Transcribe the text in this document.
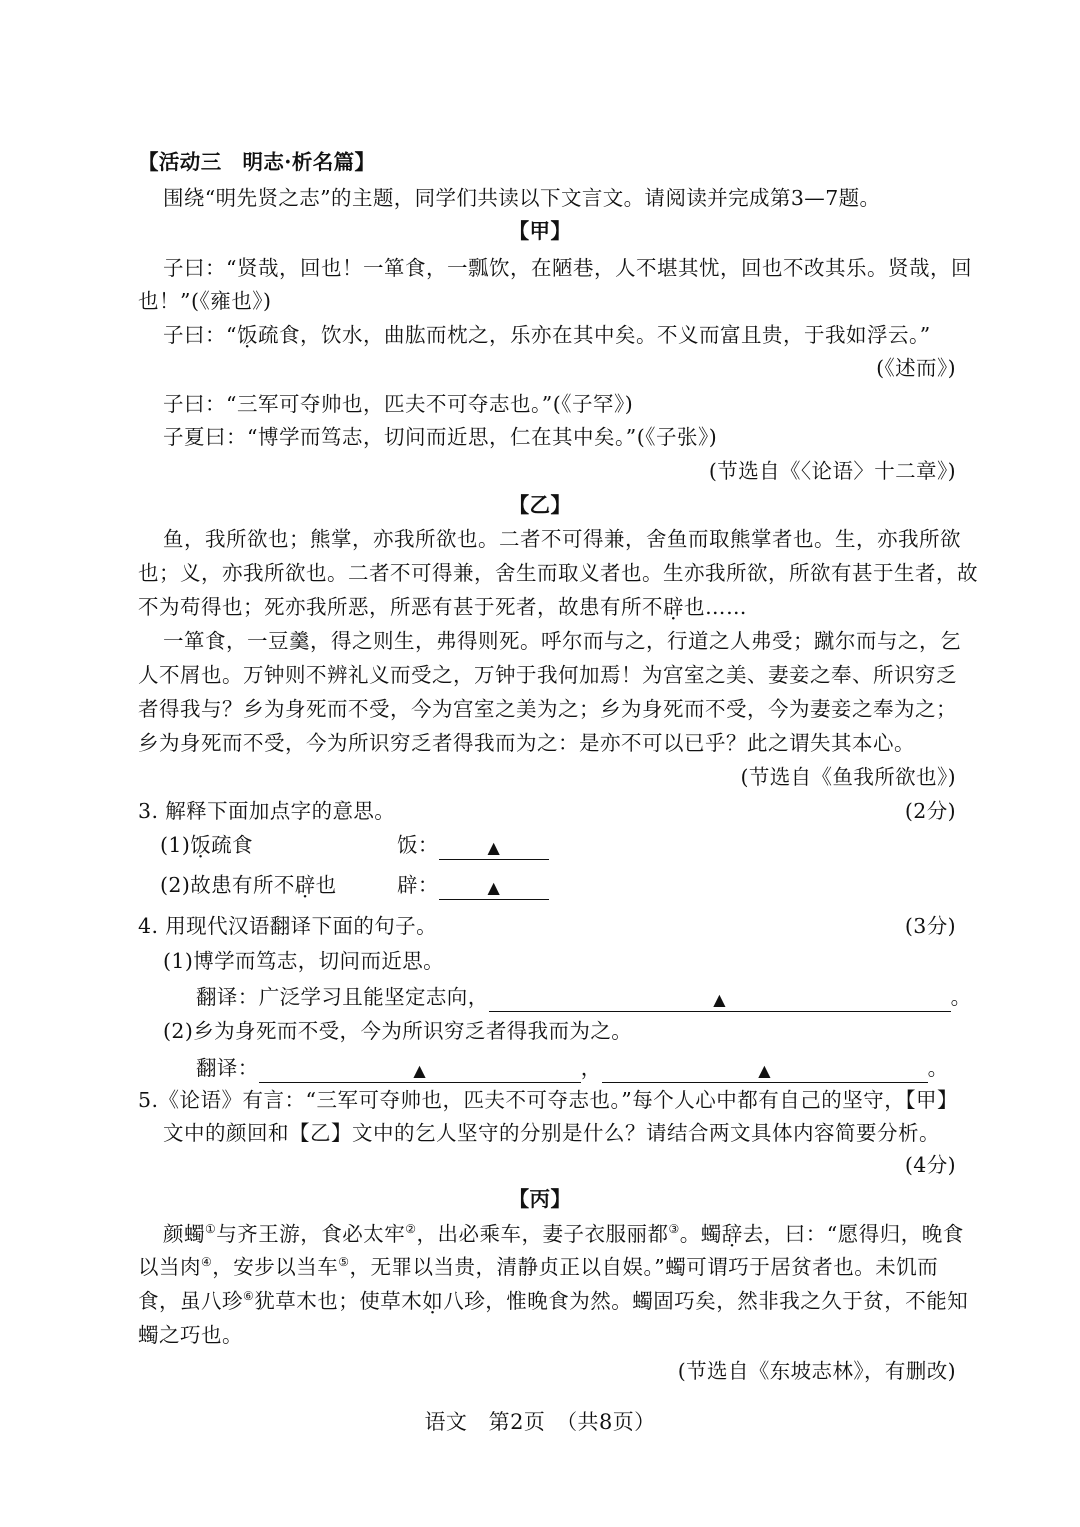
【活动三　明志·析名篇】
围绕“明先贤之志”的主题，同学们共读以下文言文。请阅读并完成第3—7题。
【甲】
子曰：“贤哉，回也！一箪食，一瓢饮，在陋巷，人不堪其忧，回也不改其乐。贤哉，回
也！”(《雍也》)
子曰：“饭疏食，饮水，曲肱而枕之，乐亦在其中矣。不义而富且贵，于我如浮云。”
(《述而》)
子曰：“三军可夺帅也，匹夫不可夺志也。”(《子罕》)
子夏曰：“博学而笃志，切问而近思，仁在其中矣。”(《子张》)
(节选自《〈论语〉十二章》)
【乙】
鱼，我所欲也；熊掌，亦我所欲也。二者不可得兼，舍鱼而取熊掌者也。生，亦我所欲
也；义，亦我所欲也。二者不可得兼，舍生而取义者也。生亦我所欲，所欲有甚于生者，故
不为苟得也；死亦我所恶，所恶有甚于死者，故患有所不辟也……
一箪食，一豆羹，得之则生，弗得则死。呼尔而与之，行道之人弗受；蹴尔而与之，乞
人不屑也。万钟则不辨礼义而受之，万钟于我何加焉！为宫室之美、妻妾之奉、所识穷乏
者得我与？乡为身死而不受，今为宫室之美为之；乡为身死而不受，今为妻妾之奉为之；
乡为身死而不受，今为所识穷乏者得我而为之：是亦不可以已乎？此之谓失其本心。
(节选自《鱼我所欲也》)
3. 解释下面加点字的意思。	(2分)
(1)饭疏食	饭：	▲
(2)故患有所不辟也	辟：	▲
4. 用现代汉语翻译下面的句子。	(3分)
(1)博学而笃志，切问而近思。
翻译：广泛学习且能坚定志向，	▲	。
(2)乡为身死而不受，今为所识穷乏者得我而为之。
翻译：	▲	，	▲	。
5.《论语》有言：“三军可夺帅也，匹夫不可夺志也。”每个人心中都有自己的坚守，【甲】
文中的颜回和【乙】文中的乞人坚守的分别是什么？请结合两文具体内容简要分析。
(4分)
【丙】
颜蠋①与齐王游，食必太牢②，出必乘车，妻子衣服丽都③。蠋辞去，曰：“愿得归，晚食
以当肉④，安步以当车⑤，无罪以当贵，清静贞正以自娱。”蠋可谓巧于居贫者也。未饥而
食，虽八珍⑥犹草木也；使草木如八珍，惟晚食为然。蠋固巧矣，然非我之久于贫，不能知
蠋之巧也。
(节选自《东坡志林》，有删改)
语文　第2页　（共8页）
